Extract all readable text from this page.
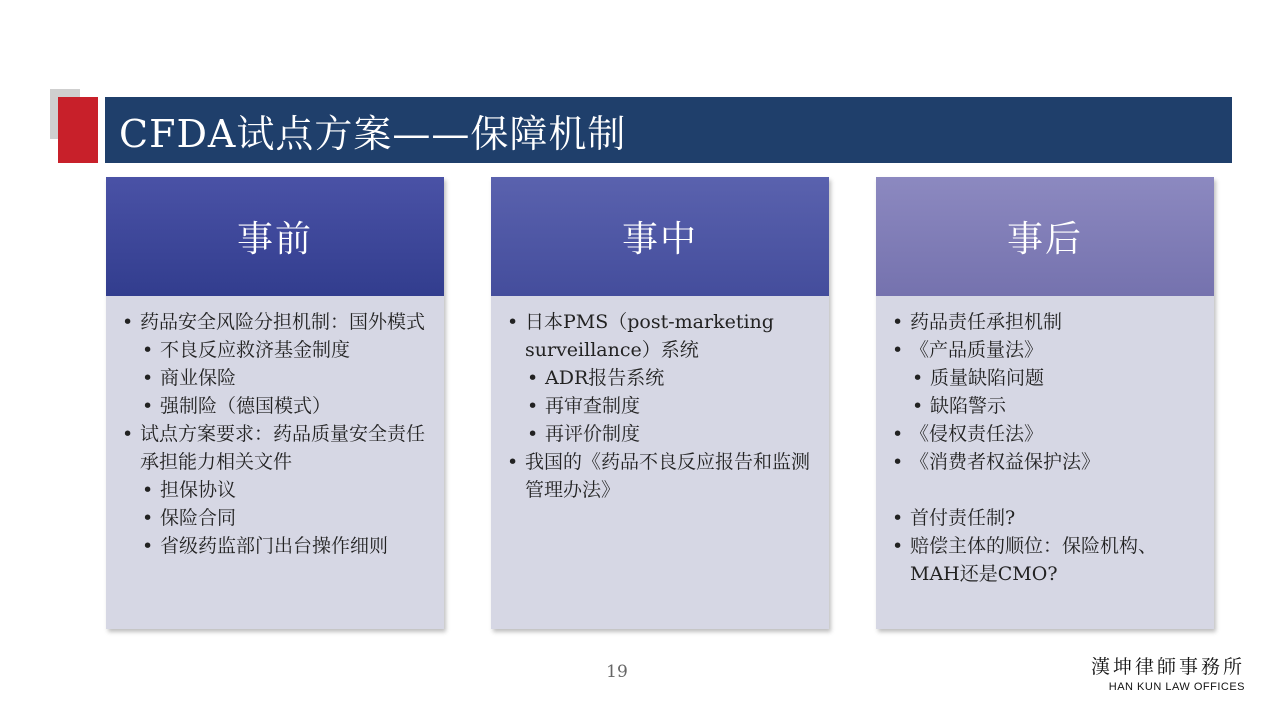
CFDA试点方案——保障机制
事前
• 药品安全风险分担机制：国外模式
• 不良反应救济基金制度
• 商业保险
• 强制险（德国模式）
• 试点方案要求：药品质量安全责任承担能力相关文件
• 担保协议
• 保险合同
• 省级药监部门出台操作细则
事中
• 日本PMS（post-marketing surveillance）系统
• ADR报告系统
• 再审查制度
• 再评价制度
• 我国的《药品不良反应报告和监测管理办法》
事后
• 药品责任承担机制
• 《产品质量法》
• 质量缺陷问题
• 缺陷警示
• 《侵权责任法》
• 《消费者权益保护法》
• 首付责任制?
• 赔偿主体的顺位：保险机构、MAH还是CMO?
19	漢坤律師事務所
HAN KUN LAW OFFICES
